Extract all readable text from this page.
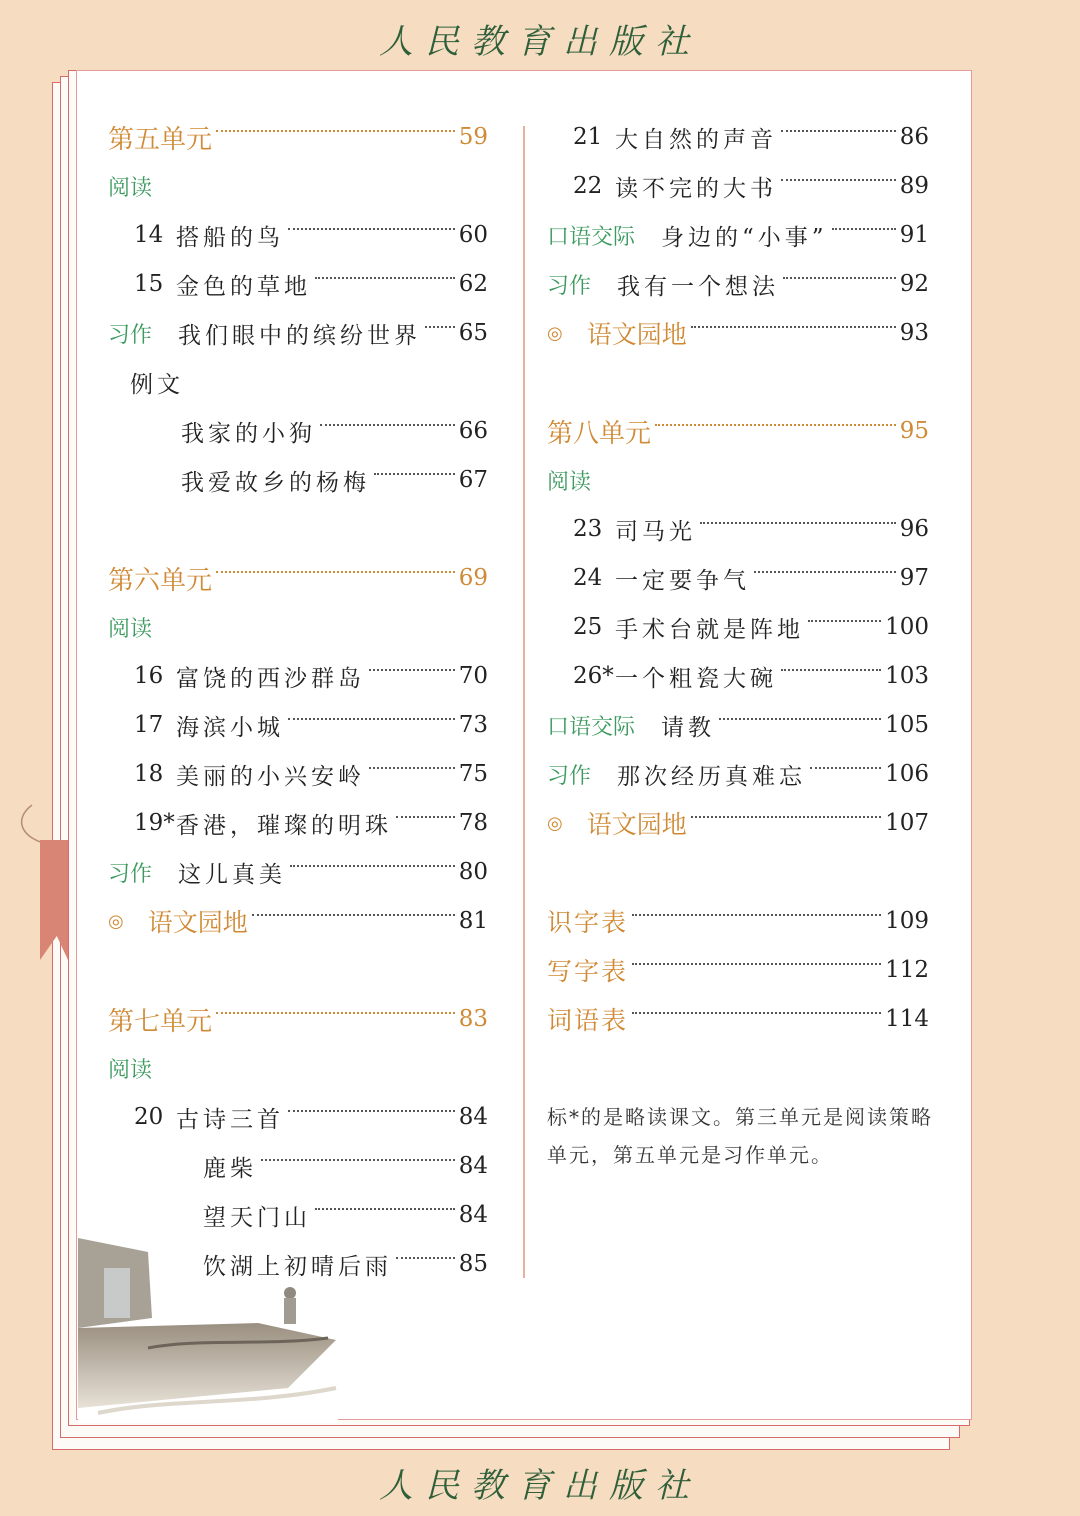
人民教育出版社
第五单元	59
阅读
14 搭船的鸟	60
15 金色的草地	62
习作 我们眼中的缤纷世界 65
例文
我家的小狗	66
我爱故乡的杨梅	67
第六单元	69
阅读
16 富饶的西沙群岛	70
17 海滨小城	73
18 美丽的小兴安岭	75
19* 香港，璀璨的明珠	78
习作 这儿真美	80
◎ 语文园地	81
第七单元	83
阅读
20 古诗三首	84
鹿柴	84
望天门山	84
饮湖上初晴后雨	85
21 大自然的声音	86
22 读不完的大书	89
口语交际 身边的“小事”	91
习作 我有一个想法	92
◎ 语文园地	93
第八单元	95
阅读
23 司马光	96
24 一定要争气	97
25 手术台就是阵地	100
26* 一个粗瓷大碗	103
口语交际 请教	105
习作 那次经历真难忘	106
◎ 语文园地	107
识字表	109
写字表	112
词语表	114
标*的是略读课文。第三单元是阅读策略单元，第五单元是习作单元。
人民教育出版社
